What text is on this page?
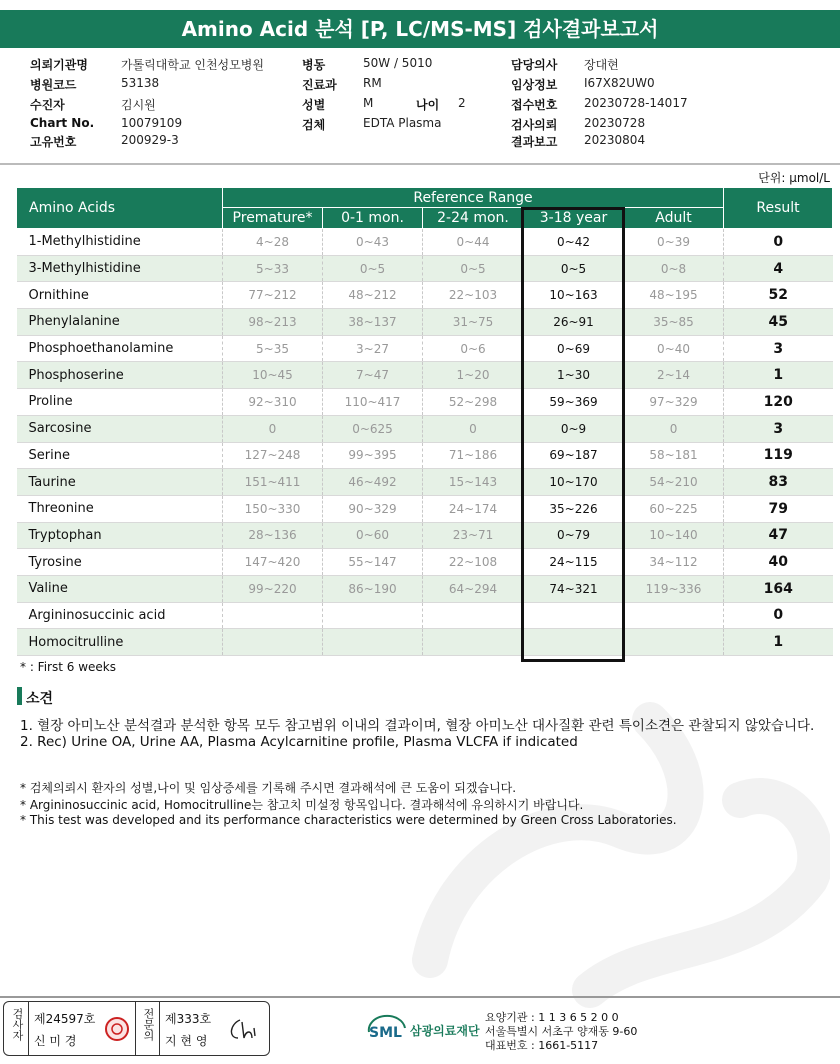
Amino Acid 분석 [P, LC/MS-MS] 검사결과보고서
의뢰기관명	가톨릭대학교 인천성모병원
병원코드	53138
수진자	김시원
Chart No. 10079109
고유번호	200929-3
병동	50W / 5010
진료과 RM
성별	M
검체	EDTA Plasma
담당의사 장대현
임상정보 I67X82UW0
접수번호 20230728-14017
검사의뢰 20230728
결과보고 20230804
나이 2
단위: μmol/L
Amino Acids	Reference Range					Result
	Premature*	0-1 mon.	2-24 mon.	3-18 year	Adult	
1-Methylhistidine	4~28	0~43	0~44	0~42	0~39	0
3-Methylhistidine	5~33	0~5	0~5	0~5	0~8	4
Ornithine	77~212	48~212	22~103	10~163	48~195	52
Phenylalanine	98~213	38~137	31~75	26~91	35~85	45
Phosphoethanolamine	5~35	3~27	0~6	0~69	0~40	3
Phosphoserine	10~45	7~47	1~20	1~30	2~14	1
Proline	92~310	110~417	52~298	59~369	97~329	120
Sarcosine	0	0~625	0	0~9	0	3
Serine	127~248	99~395	71~186	69~187	58~181	119
Taurine	151~411	46~492	15~143	10~170	54~210	83
Threonine	150~330	90~329	24~174	35~226	60~225	79
Tryptophan	28~136	0~60	23~71	0~79	10~140	47
Tyrosine	147~420	55~147	22~108	24~115	34~112	40
Valine	99~220	86~190	64~294	74~321	119~336	164
Argininosuccinic acid						0
Homocitrulline						1
* : First 6 weeks
소견
1. 혈장 아미노산 분석결과 분석한 항목 모두 참고범위 이내의 결과이며, 혈장 아미노산 대사질환 관련 특이소견은 관찰되지 않았습니다.
2. Rec) Urine OA, Urine AA, Plasma Acylcarnitine profile, Plasma VLCFA if indicated
* 검체의뢰시 환자의 성별,나이 및 임상증세를 기록해 주시면 결과해석에 큰 도움이 되겠습니다.
* Argininosuccinic acid, Homocitrulline는 참고치 미설정 항목입니다. 결과해석에 유의하시기 바랍니다.
* This test was developed and its performance characteristics were determined by Green Cross Laboratories.
검사자 제24597호
신 미 경	전문의 제333호
지 현 영	SML 삼광의료재단
요양기관 : 1 1 3 6 5 2 0 0
서울특별시 서초구 양재동 9-60
대표번호 : 1661-5117
